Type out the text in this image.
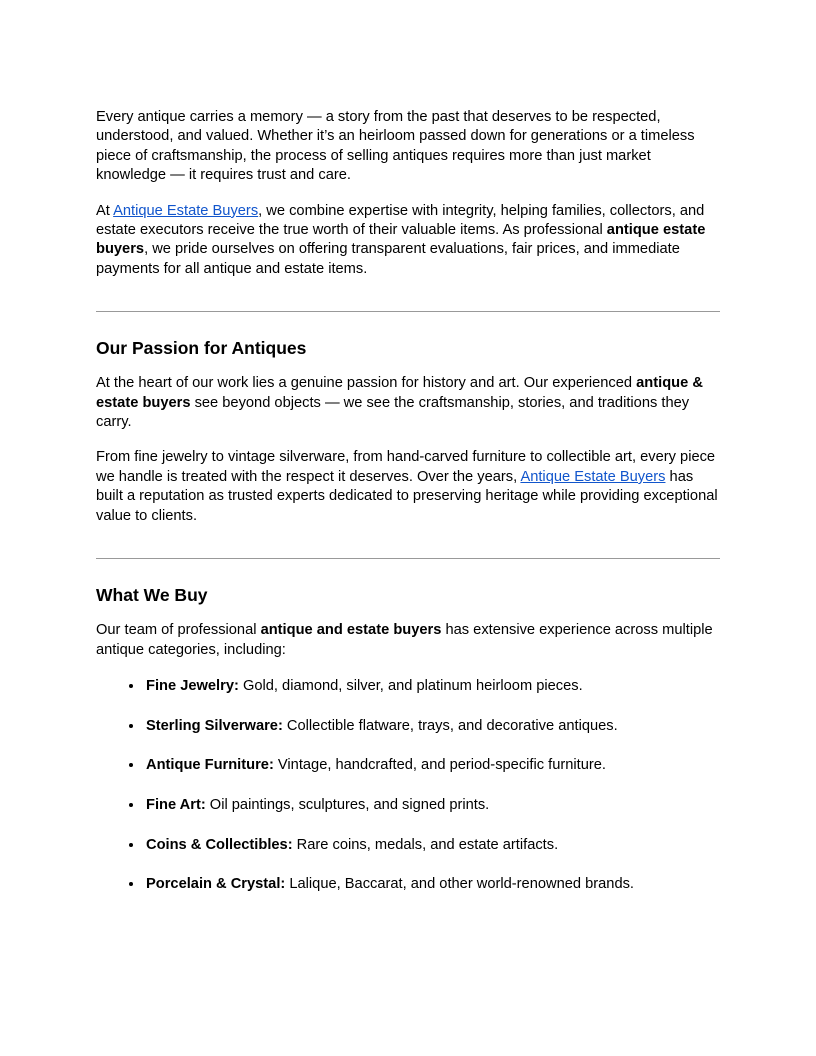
Every antique carries a memory — a story from the past that deserves to be respected, understood, and valued. Whether it’s an heirloom passed down for generations or a timeless piece of craftsmanship, the process of selling antiques requires more than just market knowledge — it requires trust and care.

At Antique Estate Buyers, we combine expertise with integrity, helping families, collectors, and estate executors receive the true worth of their valuable items. As professional antique estate buyers, we pride ourselves on offering transparent evaluations, fair prices, and immediate payments for all antique and estate items.

Our Passion for Antiques

At the heart of our work lies a genuine passion for history and art. Our experienced antique & estate buyers see beyond objects — we see the craftsmanship, stories, and traditions they carry.

From fine jewelry to vintage silverware, from hand-carved furniture to collectible art, every piece we handle is treated with the respect it deserves. Over the years, Antique Estate Buyers has built a reputation as trusted experts dedicated to preserving heritage while providing exceptional value to clients.

What We Buy

Our team of professional antique and estate buyers has extensive experience across multiple antique categories, including:

• Fine Jewelry: Gold, diamond, silver, and platinum heirloom pieces.
• Sterling Silverware: Collectible flatware, trays, and decorative antiques.
• Antique Furniture: Vintage, handcrafted, and period-specific furniture.
• Fine Art: Oil paintings, sculptures, and signed prints.
• Coins & Collectibles: Rare coins, medals, and estate artifacts.
• Porcelain & Crystal: Lalique, Baccarat, and other world-renowned brands.
